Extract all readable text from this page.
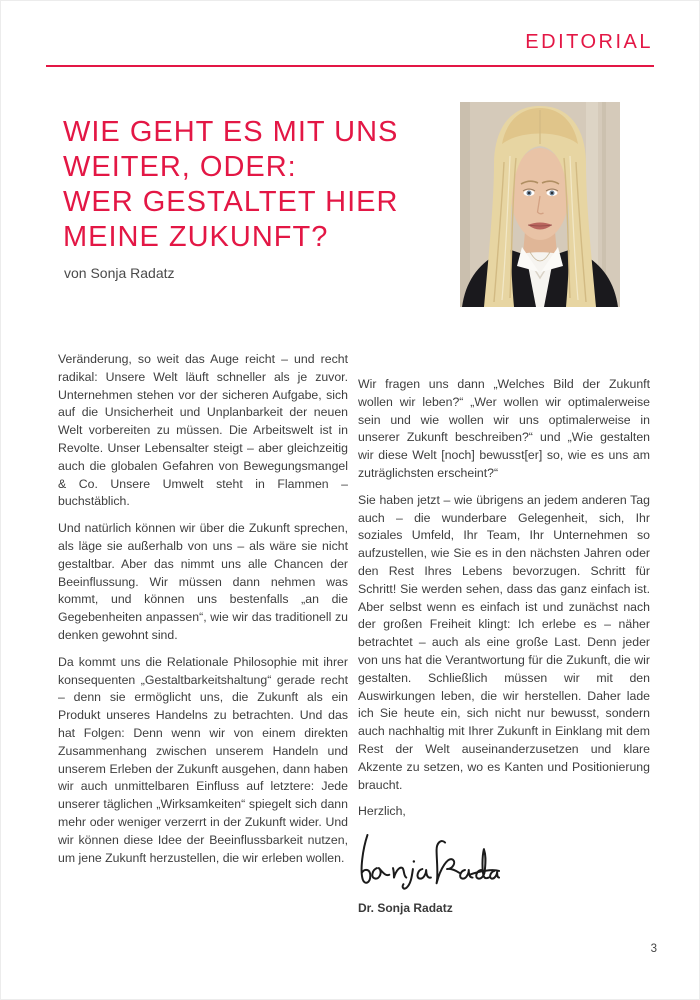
EDITORIAL
WIE GEHT ES MIT UNS
WEITER, ODER:
WER GESTALTET HIER
MEINE ZUKUNFT?
von Sonja Radatz

Veränderung, so weit das Auge reicht – und recht radikal: Unsere Welt läuft schneller als je zuvor. Unternehmen stehen vor der sicheren Aufgabe, sich auf die Unsicherheit und Unplanbarkeit der neuen Welt vorbereiten zu müssen. Die Arbeitswelt ist in Revolte. Unser Lebensalter steigt – aber gleichzeitig auch die globalen Gefahren von Bewegungsmangel & Co. Unsere Umwelt steht in Flammen – buchstäblich.

Und natürlich können wir über die Zukunft sprechen, als läge sie außerhalb von uns – als wäre sie nicht gestaltbar. Aber das nimmt uns alle Chancen der Beeinflussung. Wir müssen dann nehmen was kommt, und können uns bestenfalls „an die Gegebenheiten anpassen“, wie wir das traditionell zu denken gewohnt sind.

Da kommt uns die Relationale Philosophie mit ihrer konsequenten „Gestaltbarkeitshaltung“ gerade recht – denn sie ermöglicht uns, die Zukunft als ein Produkt unseres Handelns zu betrachten. Und das hat Folgen: Denn wenn wir von einem direkten Zusammenhang zwischen unserem Handeln und unserem Erleben der Zukunft ausgehen, dann haben wir auch unmittelbaren Einfluss auf letztere: Jede unserer täglichen „Wirksamkeiten“ spiegelt sich dann mehr oder weniger verzerrt in der Zukunft wider. Und wir können diese Idee der Beeinflussbarkeit nutzen, um jene Zukunft herzustellen, die wir erleben wollen.

Wir fragen uns dann „Welches Bild der Zukunft wollen wir leben?“ „Wer wollen wir optimalerweise sein und wie wollen wir uns optimalerweise in unserer Zukunft beschreiben?“ und „Wie gestalten wir diese Welt [noch] bewusst[er] so, wie es uns am zuträglichsten erscheint?“

Sie haben jetzt – wie übrigens an jedem anderen Tag auch – die wunderbare Gelegenheit, sich, Ihr soziales Umfeld, Ihr Team, Ihr Unternehmen so aufzustellen, wie Sie es in den nächsten Jahren oder den Rest Ihres Lebens bevorzugen. Schritt für Schritt! Sie werden sehen, dass das ganz einfach ist. Aber selbst wenn es einfach ist und zunächst nach der großen Freiheit klingt: Ich erlebe es – näher betrachtet – auch als eine große Last. Denn jeder von uns hat die Verantwortung für die Zukunft, die wir gestalten. Schließlich müssen wir mit den Auswirkungen leben, die wir herstellen. Daher lade ich Sie heute ein, sich nicht nur bewusst, sondern auch nachhaltig mit Ihrer Zukunft in Einklang mit dem Rest der Welt auseinanderzusetzen und klare Akzente zu setzen, wo es Kanten und Positionierung braucht.

Herzlich,

Dr. Sonja Radatz
3
